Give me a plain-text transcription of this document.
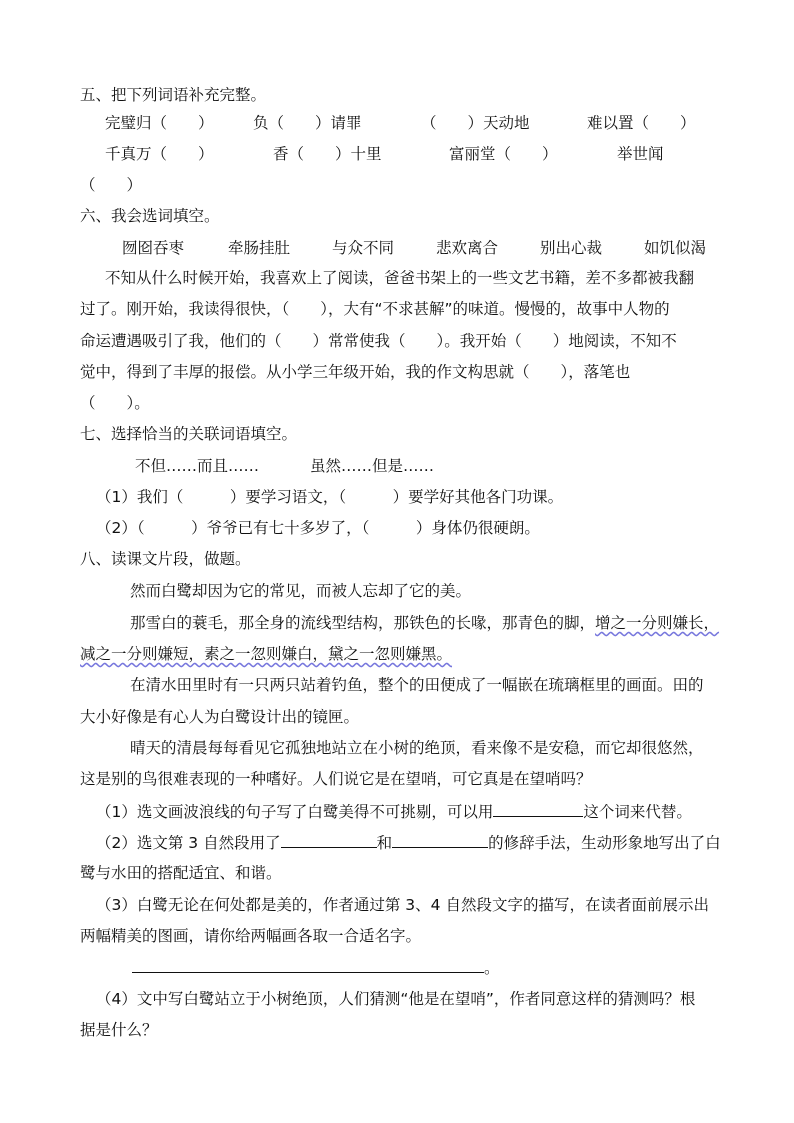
五、把下列词语补充完整。
完璧归（　　）	负（　　）请罪	（　　）天动地	难以置（　　）
千真万（　　）	香（　　）十里	富丽堂（　　）	举世闻
（　　）
六、我会选词填空。
囫囵吞枣	牵肠挂肚	与众不同	悲欢离合	别出心裁	如饥似渴
不知从什么时候开始，我喜欢上了阅读，爸爸书架上的一些文艺书籍，差不多都被我翻
过了。刚开始，我读得很快，（　　），大有“不求甚解”的味道。慢慢的，故事中人物的
命运遭遇吸引了我，他们的（　　）常常使我（　　）。我开始（　　）地阅读，不知不
觉中，得到了丰厚的报偿。从小学三年级开始，我的作文构思就（　　），落笔也
（　　）。
七、选择恰当的关联词语填空。
不但……而且……	虽然……但是……
（1）我们（　　　）要学习语文，（　　　）要学好其他各门功课。
（2）（　　　）爷爷已有七十多岁了，（　　　）身体仍很硬朗。
八、读课文片段，做题。
然而白鹭却因为它的常见，而被人忘却了它的美。
那雪白的蓑毛，那全身的流线型结构，那铁色的长喙，那青色的脚，增之一分则嫌长，
减之一分则嫌短，素之一忽则嫌白，黛之一忽则嫌黑。
在清水田里时有一只两只站着钓鱼，整个的田便成了一幅嵌在琉璃框里的画面。田的
大小好像是有心人为白鹭设计出的镜匣。
晴天的清晨每每看见它孤独地站立在小树的绝顶，看来像不是安稳，而它却很悠然，
这是别的鸟很难表现的一种嗜好。人们说它是在望哨，可它真是在望哨吗？
（1）选文画波浪线的句子写了白鹭美得不可挑剔，可以用	这个词来代替。
（2）选文第 3 自然段用了	和	的修辞手法，生动形象地写出了白
鹭与水田的搭配适宜、和谐。
（3）白鹭无论在何处都是美的，作者通过第 3、4 自然段文字的描写，在读者面前展示出
两幅精美的图画，请你给两幅画各取一合适名字。
。
（4）文中写白鹭站立于小树绝顶，人们猜测“他是在望哨”，作者同意这样的猜测吗？根
据是什么？
